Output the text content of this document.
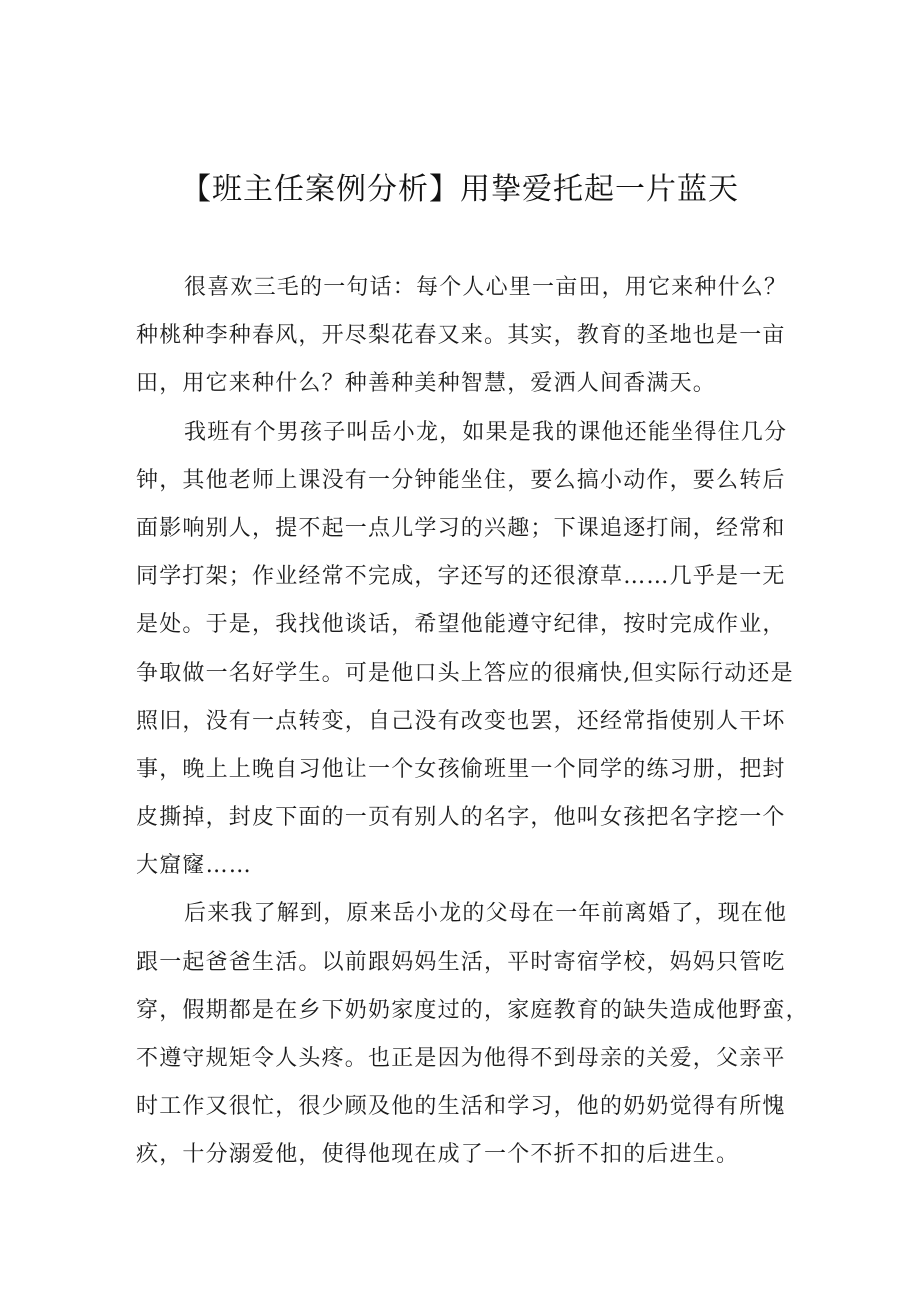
【班主任案例分析】用挚爱托起一片蓝天
很喜欢三毛的一句话：每个人心里一亩田，用它来种什么？
种桃种李种春风，开尽梨花春又来。其实，教育的圣地也是一亩
田，用它来种什么？种善种美种智慧，爱洒人间香满天。
我班有个男孩子叫岳小龙，如果是我的课他还能坐得住几分
钟，其他老师上课没有一分钟能坐住，要么搞小动作，要么转后
面影响别人，提不起一点儿学习的兴趣；下课追逐打闹，经常和
同学打架；作业经常不完成，字还写的还很潦草……几乎是一无
是处。于是，我找他谈话，希望他能遵守纪律，按时完成作业，
争取做一名好学生。可是他口头上答应的很痛快,但实际行动还是
照旧，没有一点转变，自己没有改变也罢，还经常指使别人干坏
事，晚上上晚自习他让一个女孩偷班里一个同学的练习册，把封
皮撕掉，封皮下面的一页有别人的名字，他叫女孩把名字挖一个
大窟窿……
后来我了解到，原来岳小龙的父母在一年前离婚了，现在他
跟一起爸爸生活。以前跟妈妈生活，平时寄宿学校，妈妈只管吃
穿，假期都是在乡下奶奶家度过的，家庭教育的缺失造成他野蛮，
不遵守规矩令人头疼。也正是因为他得不到母亲的关爱，父亲平
时工作又很忙，很少顾及他的生活和学习，他的奶奶觉得有所愧
疚，十分溺爱他，使得他现在成了一个不折不扣的后进生。
